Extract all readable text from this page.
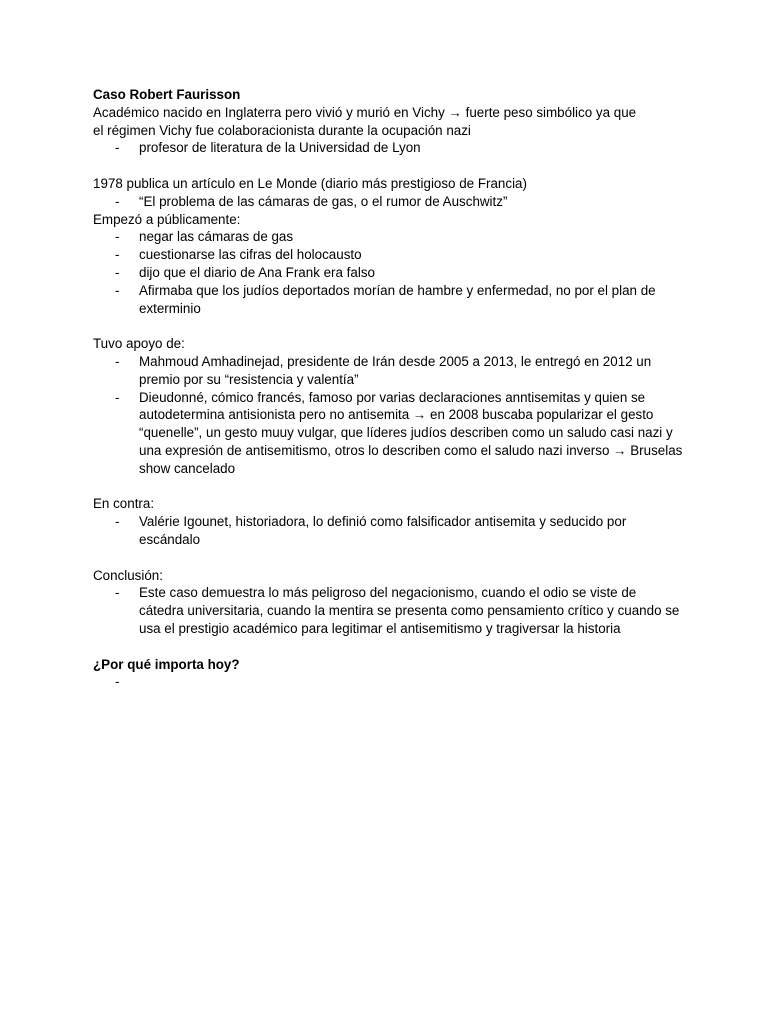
Caso Robert Faurisson

Académico nacido en Inglaterra pero vivió y murió en Vichy → fuerte peso simbólico ya que

el régimen Vichy fue colaboracionista durante la ocupación nazi

- profesor de literatura de la Universidad de Lyon

1978 publica un artículo en Le Monde (diario más prestigioso de Francia)

- “El problema de las cámaras de gas, o el rumor de Auschwitz”

Empezó a públicamente:

- negar las cámaras de gas
- cuestionarse las cifras del holocausto
- dijo que el diario de Ana Frank era falso
- Afirmaba que los judíos deportados morían de hambre y enfermedad, no por el plan de exterminio

Tuvo apoyo de:

- Mahmoud Amhadinejad, presidente de Irán desde 2005 a 2013, le entregó en 2012 un premio por su “resistencia y valentía”
- Dieudonné, cómico francés, famoso por varias declaraciones anntisemitas y quien se autodetermina antisionista pero no antisemita → en 2008 buscaba popularizar el gesto “quenelle”, un gesto muuy vulgar, que líderes judíos describen como un saludo casi nazi y una expresión de antisemitismo, otros lo describen como el saludo nazi inverso → Bruselas show cancelado

En contra:

- Valérie Igounet, historiadora, lo definió como falsificador antisemita y seducido por escándalo

Conclusión:

- Este caso demuestra lo más peligroso del negacionismo, cuando el odio se viste de cátedra universitaria, cuando la mentira se presenta como pensamiento crítico y cuando se usa el prestigio académico para legitimar el antisemitismo y tragiversar la historia

¿Por qué importa hoy?

-
